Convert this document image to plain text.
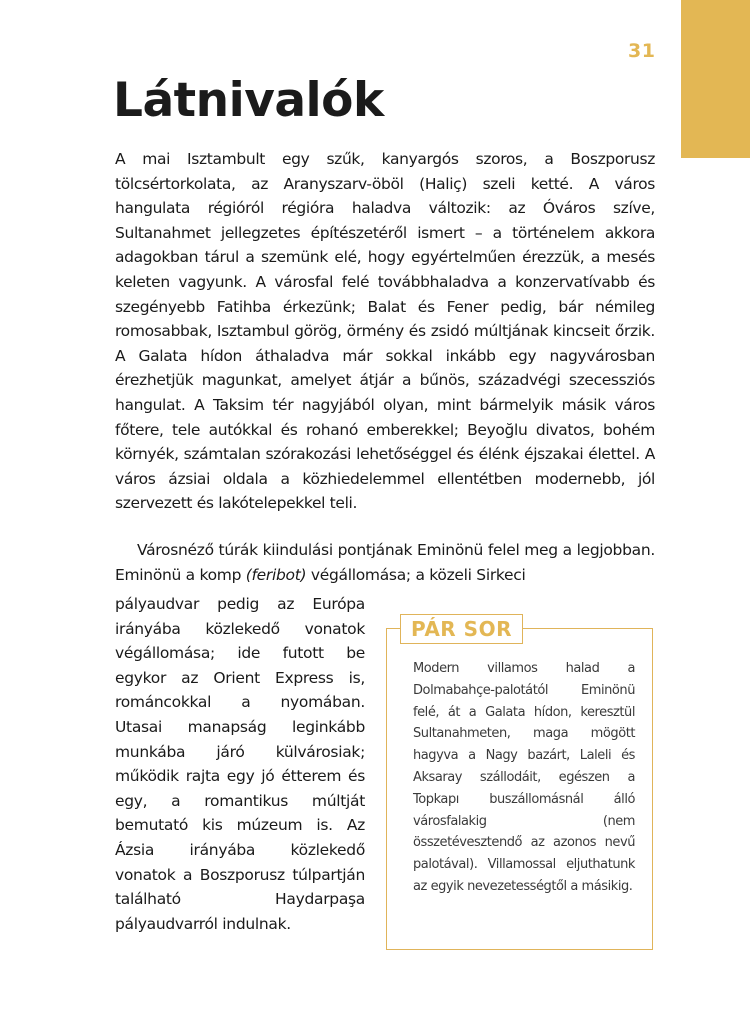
31
Látnivalók

A mai Isztambult egy szűk, kanyargós szoros, a Boszporusz tölcsértorkolata, az Aranyszarv-öböl (Haliç) szeli ketté. A város hangulata régióról régióra haladva változik: az Óváros szíve, Sultanahmet jellegzetes építészetéről ismert – a történelem akkora adagokban tárul a szemünk elé, hogy egyértelműen érezzük, a mesés keleten vagyunk. A városfal felé továbbhaladva a konzervatívabb és szegényebb Fatihba érkezünk; Balat és Fener pedig, bár némileg romosabbak, Isztambul görög, örmény és zsidó múltjának kincseit őrzik. A Galata hídon áthaladva már sokkal inkább egy nagyvárosban érezhetjük magunkat, amelyet átjár a bűnös, századvégi szecessziós hangulat. A Taksim tér nagyjából olyan, mint bármelyik másik város főtere, tele autókkal és rohanó emberekkel; Beyoğlu divatos, bohém környék, számtalan szórakozási lehetőséggel és élénk éjszakai élettel. A város ázsiai oldala a közhiedelemmel ellentétben modernebb, jól szervezett és lakótelepekkel teli.

Városnéző túrák kiindulási pontjának Eminönü felel meg a legjobban. Eminönü a komp (feribot) végállomása; a közeli Sirkeci

pályaudvar pedig az Európa irányába közlekedő vonatok végállomása; ide futott be egykor az Orient Express is, románcokkal a nyomában. Utasai manapság leginkább munkába járó külvárosiak; működik rajta egy jó étterem és egy, a romantikus múltját bemutató kis múzeum is. Az Ázsia irányába közlekedő vonatok a Boszporusz túlpartján található Haydarpaşa pályaudvarról indulnak.

PÁR SOR

Modern villamos halad a Dolmabahçe-palotától Eminönü felé, át a Galata hídon, keresztül Sultanahmeten, maga mögött hagyva a Nagy bazárt, Laleli és Aksaray szállodáit, egészen a Topkapı buszállomásnál álló városfalakig (nem összetévesztendő az azonos nevű palotával). Villamossal eljuthatunk az egyik nevezetességtől a másikig.
